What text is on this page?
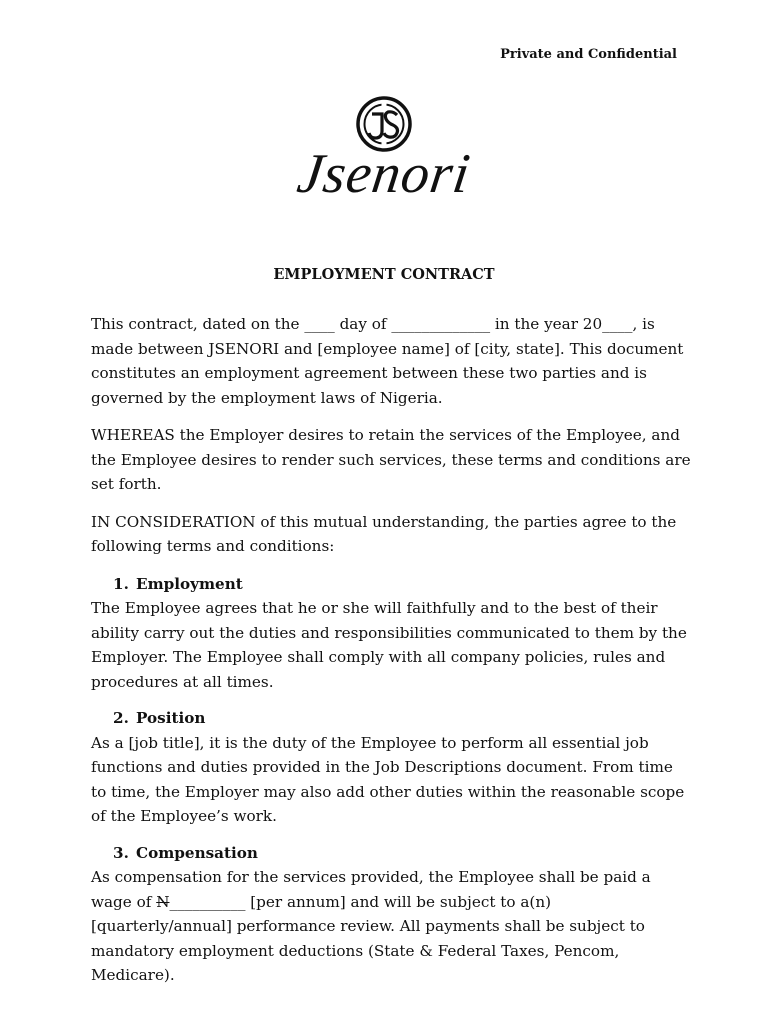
Private and Confidential
Jsenori
EMPLOYMENT CONTRACT

This contract, dated on the ____ day of _____________ in the year 20____, is made between JSENORI and [employee name] of [city, state]. This document constitutes an employment agreement between these two parties and is governed by the employment laws of Nigeria.

WHEREAS the Employer desires to retain the services of the Employee, and the Employee desires to render such services, these terms and conditions are set forth.

IN CONSIDERATION of this mutual understanding, the parties agree to the following terms and conditions:

1. Employment
The Employee agrees that he or she will faithfully and to the best of their ability carry out the duties and responsibilities communicated to them by the Employer. The Employee shall comply with all company policies, rules and procedures at all times.
2. Position
As a [job title], it is the duty of the Employee to perform all essential job functions and duties provided in the Job Descriptions document. From time to time, the Employer may also add other duties within the reasonable scope of the Employee’s work.
3. Compensation
As compensation for the services provided, the Employee shall be paid a wage of N__________ [per annum] and will be subject to a(n) [quarterly/annual] performance review. All payments shall be subject to mandatory employment deductions (State & Federal Taxes, Pencom, Medicare).
